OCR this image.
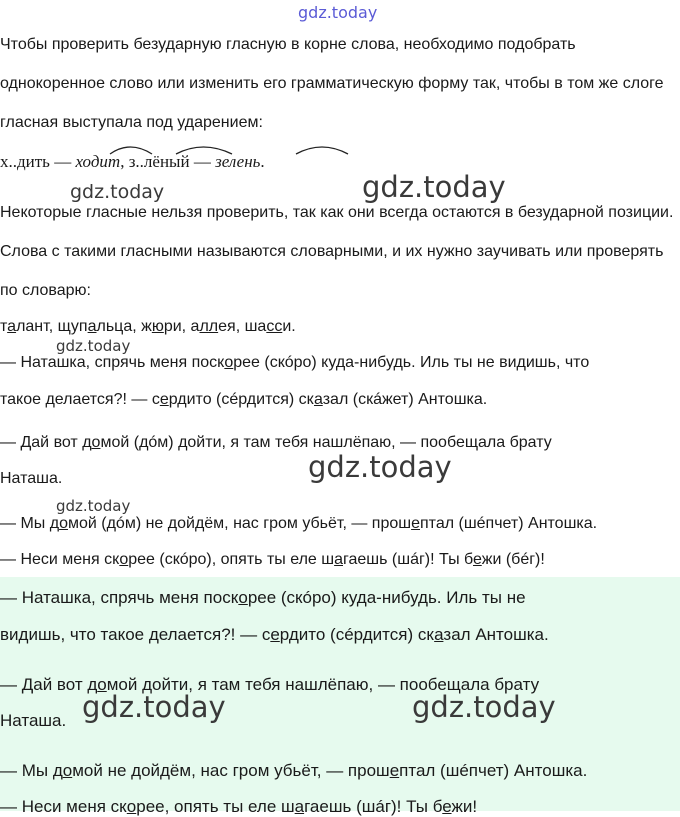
gdz.today
Чтобы проверить безударную гласную в корне слова, необходимо подобрать однокоренное слово или изменить его грамматическую форму так, чтобы в том же слоге гласная выступала под ударением:
х..дить — ходит, з..лёный — зелень.
gdz.today	gdz.today
Некоторые гласные нельзя проверить, так как они всегда остаются в безударной позиции. Слова с такими гласными называются словарными, и их нужно заучивать или проверять по словарю:
талант, щупальца, жюри, аллея, шасси.
gdz.today
— Наташка, спрячь меня поскорее (скóро) куда-нибудь. Иль ты не видишь, что
такое делается?! — сердито (сéрдится) сказал (скáжет) Антошка.
— Дай вот домой (дóм) дойти, я там тебя нашлёпаю, — пообещала брату
Наташа.	gdz.today
gdz.today
— Мы домой (дóм) не дойдём, нас гром убьёт, — прошептал (шéпчет) Антошка.
— Неси меня скорее (скóро), опять ты еле шагаешь (шáг)! Ты бежи (бéг)!
— Наташка, спрячь меня поскорее (скóро) куда-нибудь. Иль ты не
видишь, что такое делается?! — сердито (сéрдится) сказал Антошка.
— Дай вот домой дойти, я там тебя нашлёпаю, — пообещала брату
Наташа. gdz.today	gdz.today
— Мы домой не дойдём, нас гром убьёт, — прошептал (шéпчет) Антошка.
— Неси меня скорее, опять ты еле шагаешь (шáг)! Ты бежи!
